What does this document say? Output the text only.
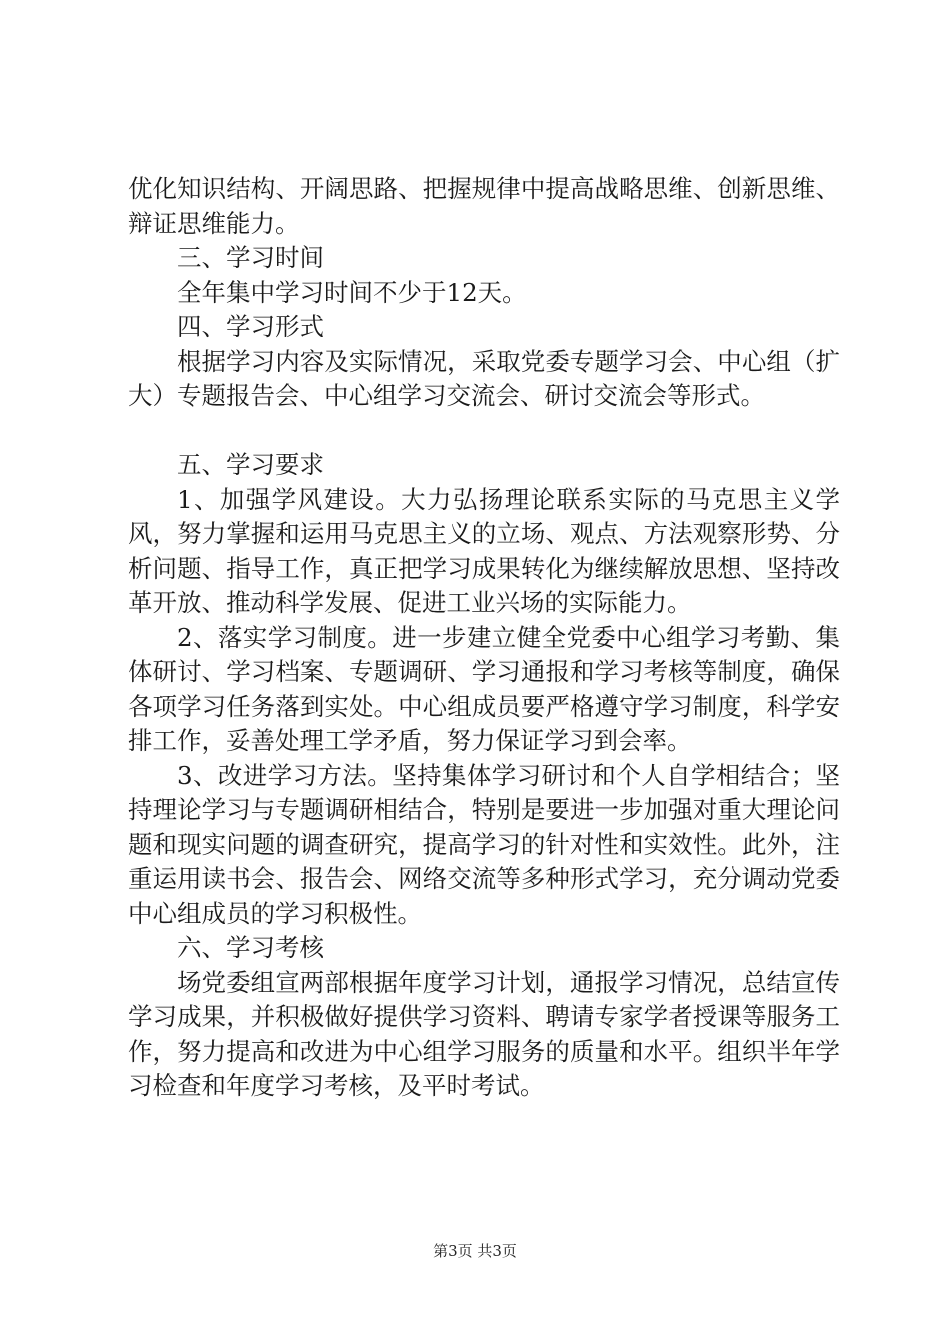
优化知识结构、开阔思路、把握规律中提高战略思维、创新思维、辩证思维能力。

三、学习时间

全年集中学习时间不少于12天。

四、学习形式

根据学习内容及实际情况，采取党委专题学习会、中心组（扩大）专题报告会、中心组学习交流会、研讨交流会等形式。

五、学习要求

1、加强学风建设。大力弘扬理论联系实际的马克思主义学风，努力掌握和运用马克思主义的立场、观点、方法观察形势、分析问题、指导工作，真正把学习成果转化为继续解放思想、坚持改革开放、推动科学发展、促进工业兴场的实际能力。

2、落实学习制度。进一步建立健全党委中心组学习考勤、集体研讨、学习档案、专题调研、学习通报和学习考核等制度，确保各项学习任务落到实处。中心组成员要严格遵守学习制度，科学安排工作，妥善处理工学矛盾，努力保证学习到会率。

3、改进学习方法。坚持集体学习研讨和个人自学相结合；坚持理论学习与专题调研相结合，特别是要进一步加强对重大理论问题和现实问题的调查研究，提高学习的针对性和实效性。此外，注重运用读书会、报告会、网络交流等多种形式学习，充分调动党委中心组成员的学习积极性。

六、学习考核

场党委组宣两部根据年度学习计划，通报学习情况，总结宣传学习成果，并积极做好提供学习资料、聘请专家学者授课等服务工作，努力提高和改进为中心组学习服务的质量和水平。组织半年学习检查和年度学习考核，及平时考试。

第3页 共3页
